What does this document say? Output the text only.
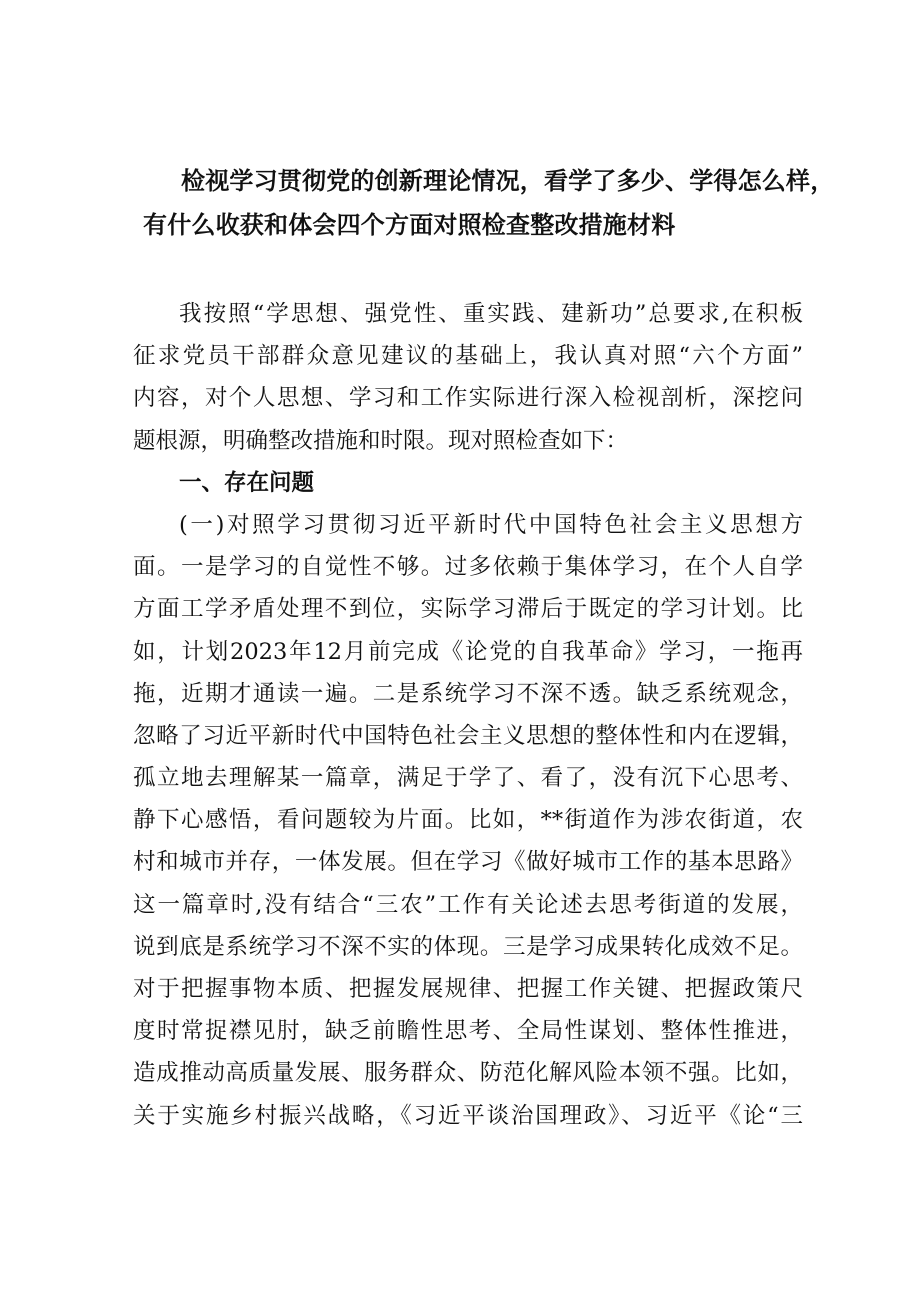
检视学习贯彻党的创新理论情况，看学了多少、学得怎么样，
有什么收获和体会四个方面对照检查整改措施材料
我按照“学思想、强党性、重实践、建新功”总要求,在积板
征求党员干部群众意见建议的基础上，我认真对照“六个方面”
内容，对个人思想、学习和工作实际进行深入检视剖析，深挖问
题根源，明确整改措施和时限。现对照检查如下：
一、存在问题
(一)对照学习贯彻习近平新时代中国特色社会主义思想方
面。一是学习的自觉性不够。过多依赖于集体学习，在个人自学
方面工学矛盾处理不到位，实际学习滞后于既定的学习计划。比
如，计划2023年12月前完成《论党的自我革命》学习，一拖再
拖，近期才通读一遍。二是系统学习不深不透。缺乏系统观念，
忽略了习近平新时代中国特色社会主义思想的整体性和内在逻辑，
孤立地去理解某一篇章，满足于学了、看了，没有沉下心思考、
静下心感悟，看问题较为片面。比如，**街道作为涉农街道，农
村和城市并存，一体发展。但在学习《做好城市工作的基本思路》
这一篇章时,没有结合“三农”工作有关论述去思考街道的发展，
说到底是系统学习不深不实的体现。三是学习成果转化成效不足。
对于把握事物本质、把握发展规律、把握工作关键、把握政策尺
度时常捉襟见肘，缺乏前瞻性思考、全局性谋划、整体性推进，
造成推动高质量发展、服务群众、防范化解风险本领不强。比如，
关于实施乡村振兴战略，《习近平谈治国理政》、习近平《论“三
